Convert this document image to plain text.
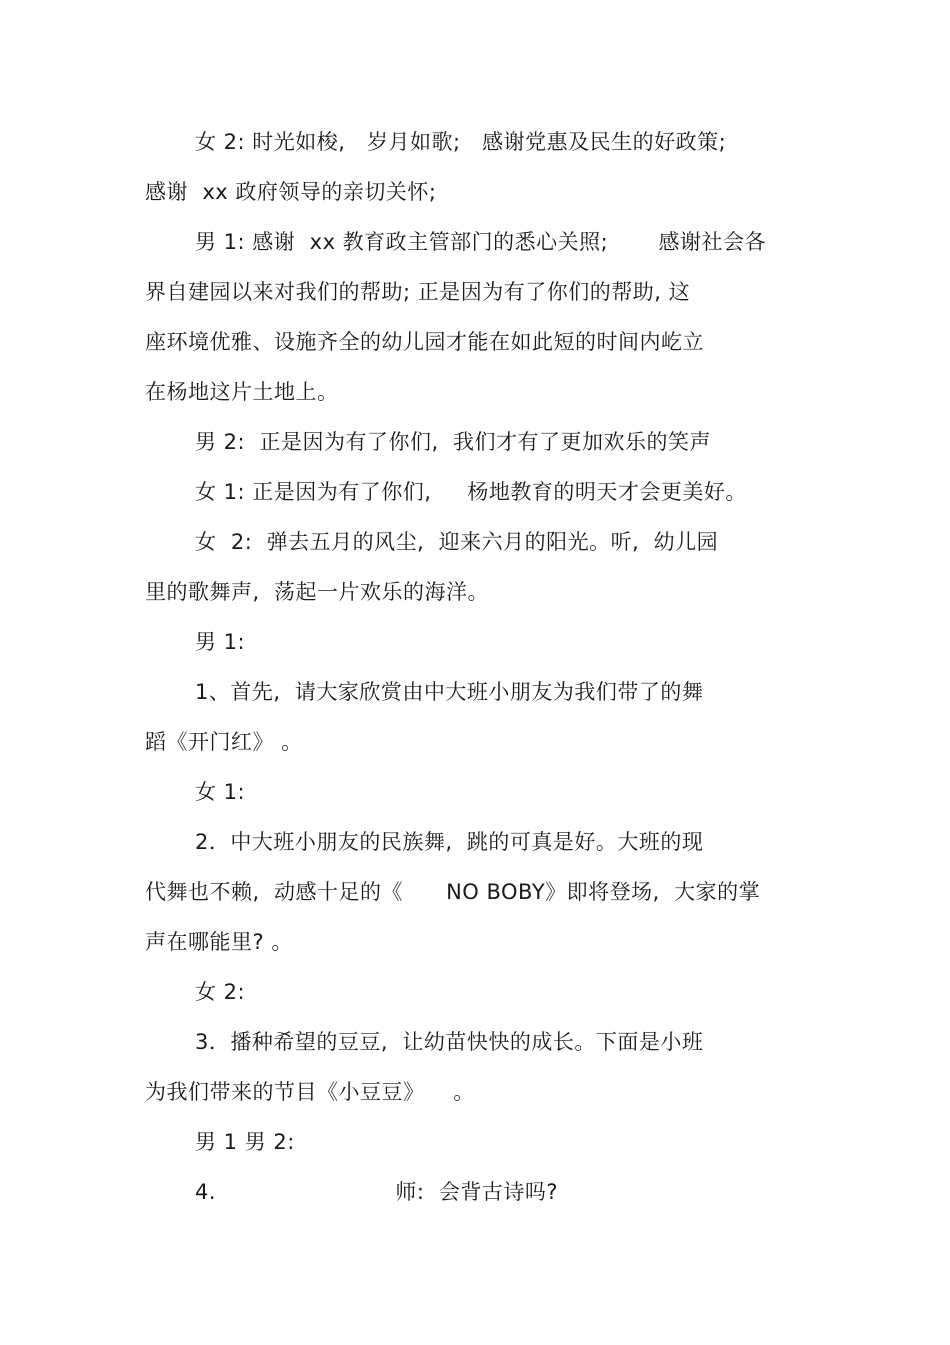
女 2: 时光如梭,   岁月如歌;   感谢党惠及民生的好政策;
感谢  xx 政府领导的亲切关怀;
男 1: 感谢  xx 教育政主管部门的悉心关照;       感谢社会各
界自建园以来对我们的帮助; 正是因为有了你们的帮助, 这
座环境优雅、设施齐全的幼儿园才能在如此短的时间内屹立
在杨地这片土地上。
男 2:  正是因为有了你们,  我们才有了更加欢乐的笑声
女 1: 正是因为有了你们,     杨地教育的明天才会更美好。
女  2:  弹去五月的风尘,  迎来六月的阳光。听,  幼儿园
里的歌舞声,  荡起一片欢乐的海洋。
男 1:
1、首先,  请大家欣赏由中大班小朋友为我们带了的舞
蹈《开门红》 。
女 1:
2．中大班小朋友的民族舞,  跳的可真是好。大班的现
代舞也不赖,  动感十足的《      NO BOBY》即将登场,  大家的掌
声在哪能里? 。
女 2:
3．播种希望的豆豆,  让幼苗快快的成长。下面是小班
为我们带来的节目《小豆豆》    。
男 1 男 2:
4.                         师:  会背古诗吗?
